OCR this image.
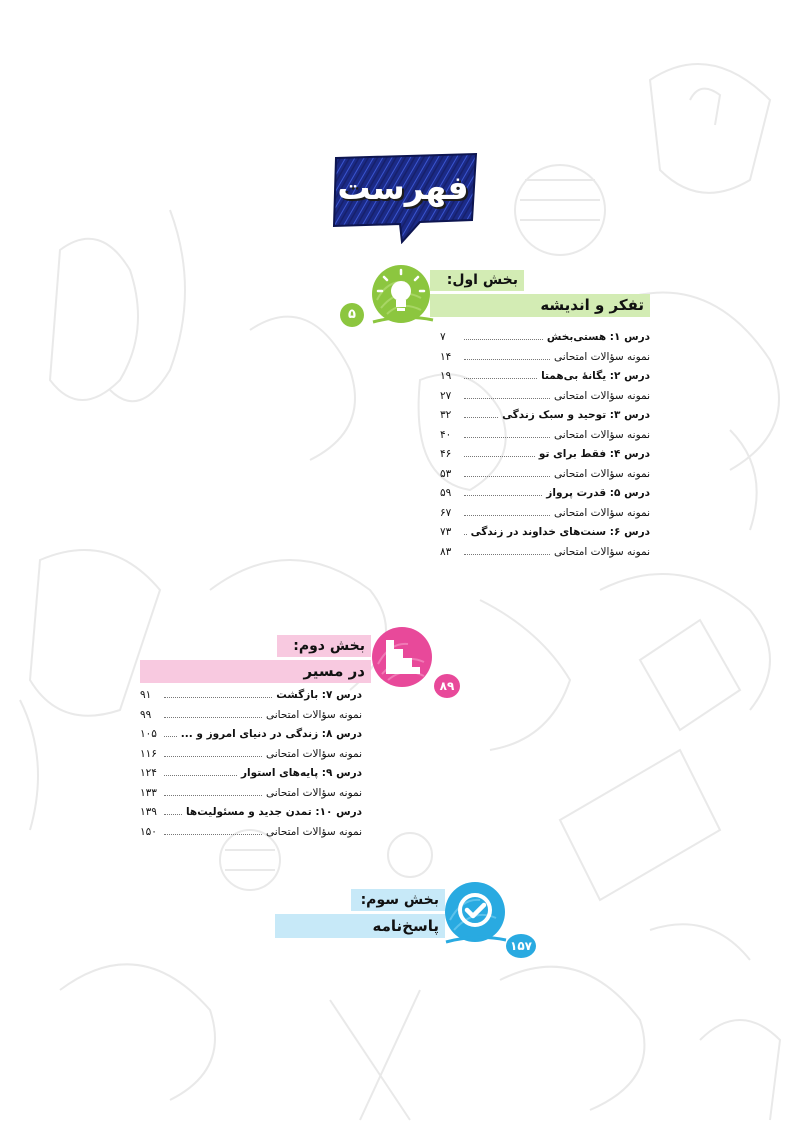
فهرست
بخش اول:
تفکر و اندیشه
۵
درس ۱: هستی‌بخش
۷
نمونه سؤالات امتحانی
۱۴
درس ۲: یگانهٔ بی‌همتا
۱۹
نمونه سؤالات امتحانی
۲۷
درس ۳: توحید و سبک زندگی
۳۲
نمونه سؤالات امتحانی
۴۰
درس ۴: فقط برای تو
۴۶
نمونه سؤالات امتحانی
۵۳
درس ۵: قدرت پرواز
۵۹
نمونه سؤالات امتحانی
۶۷
درس ۶: سنت‌های خداوند در زندگی
۷۳
نمونه سؤالات امتحانی
۸۳
بخش دوم:
در مسیر
۸۹
درس ۷: بازگشت
۹۱
نمونه سؤالات امتحانی
۹۹
درس ۸: زندگی در دنیای امروز و ...
۱۰۵
نمونه سؤالات امتحانی
۱۱۶
درس ۹: پایه‌های استوار
۱۲۴
نمونه سؤالات امتحانی
۱۳۳
درس ۱۰: تمدن جدید و مسئولیت‌ها
۱۳۹
نمونه سؤالات امتحانی
۱۵۰
بخش سوم:
پاسخ‌نامه
۱۵۷
